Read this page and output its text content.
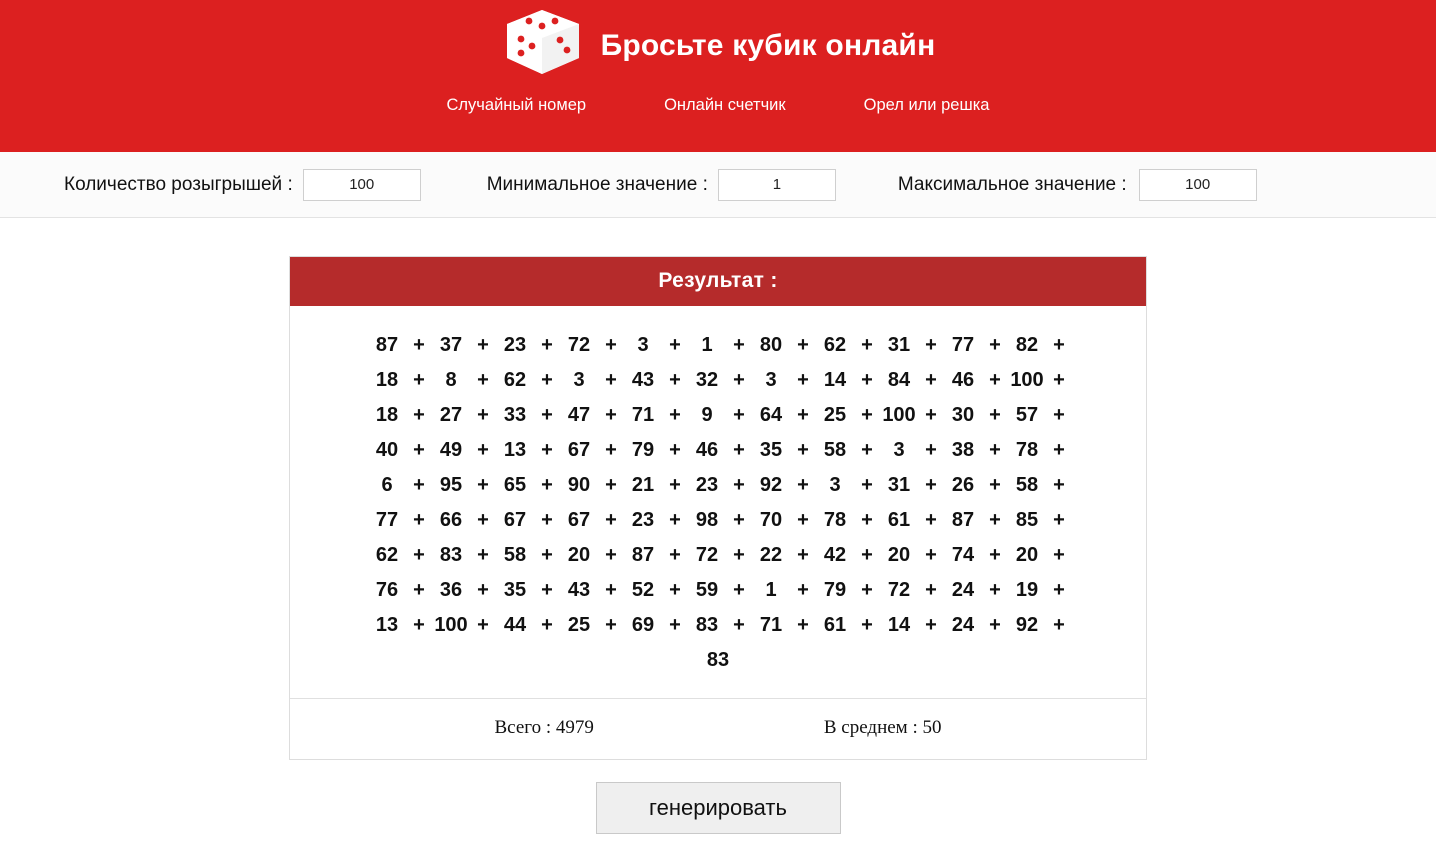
Бросьте кубик онлайн
Случайный номер	Онлайн счетчик	Орел или решка
Количество розыгрышей :
100	Минимальное значение :
1	Максимальное значение :
100
Результат :
87 + 37 + 23 + 72 +	3	+	1	+ 80 + 62 + 31 + 77 + 82 +
18 +	8	+ 62 +	3	+ 43 + 32 +	3	+ 14 + 84 + 46 + 100 +
18 + 27 + 33 + 47 + 71 +	9	+ 64 + 25 + 100 + 30 + 57 +
40 + 49 + 13 + 67 + 79 + 46 + 35 + 58 +	3	+ 38 + 78 +
6	+ 95 + 65 + 90 + 21 + 23 + 92 +	3	+ 31 + 26 + 58 +
77 + 66 + 67 + 67 + 23 + 98 + 70 + 78 + 61 + 87 + 85 +
62 + 83 + 58 + 20 + 87 + 72 + 22 + 42 + 20 + 74 + 20 +
76 + 36 + 35 + 43 + 52 + 59 +	1	+ 79 + 72 + 24 + 19 +
13 + 100 + 44 + 25 + 69 + 83 + 71 + 61 + 14 + 24 + 92 +
83
Всего : 4979	В среднем : 50
генерировать
